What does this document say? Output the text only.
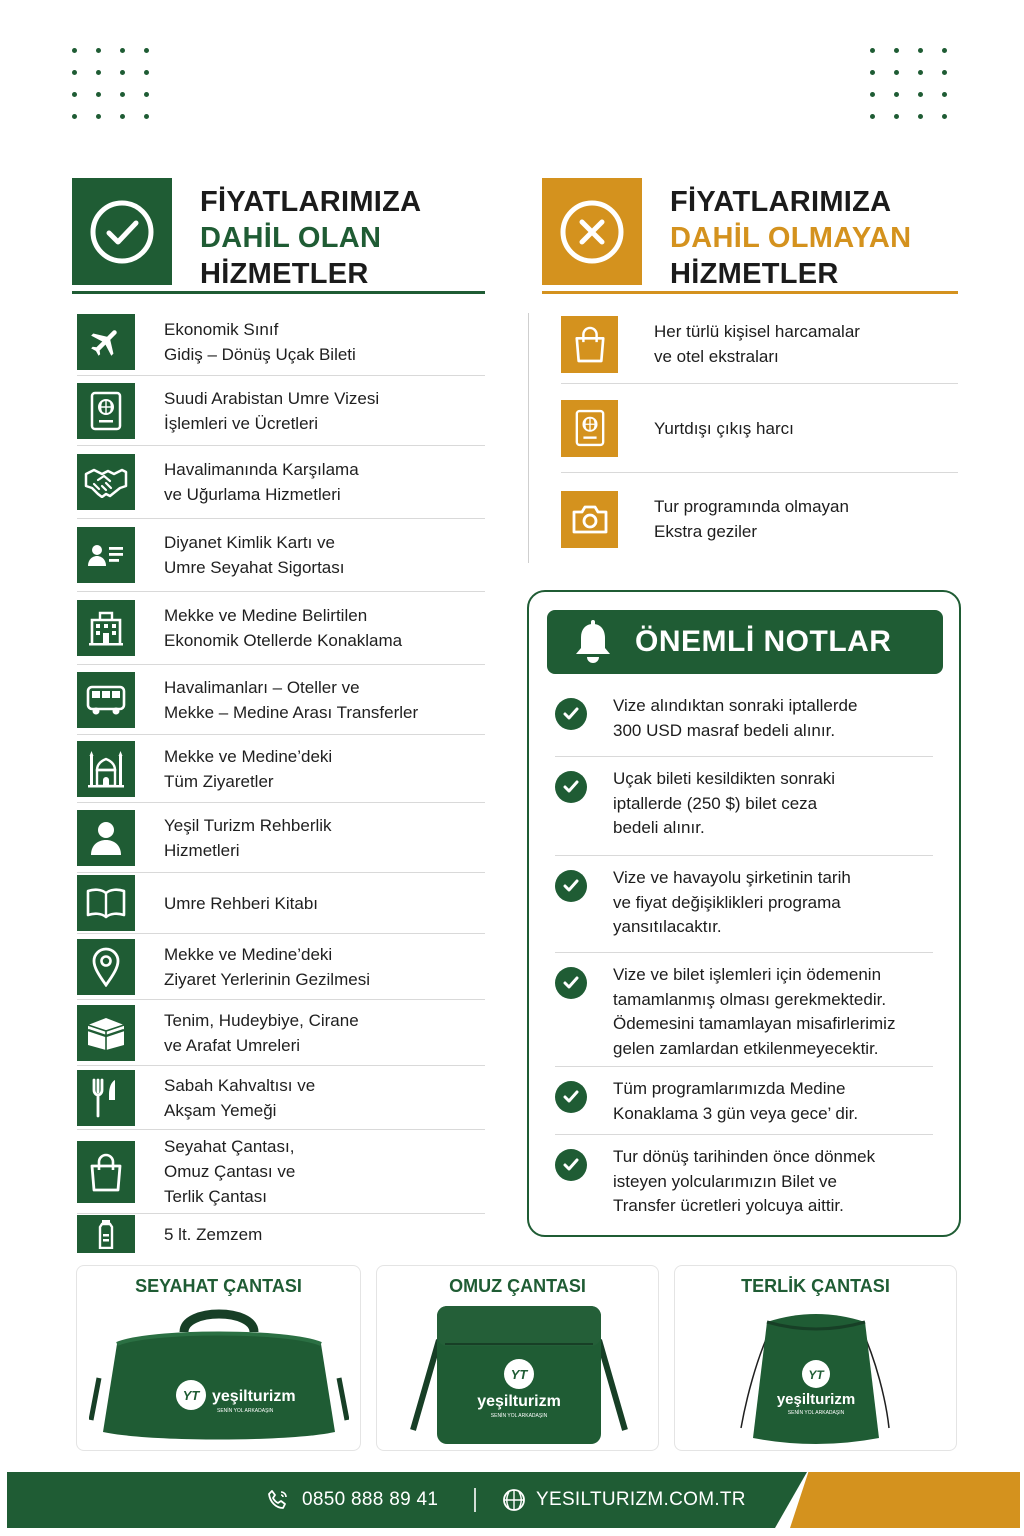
FİYATLARIMIZA
DAHİL OLAN
HİZMETLER
FİYATLARIMIZA
DAHİL OLMAYAN
HİZMETLER
Ekonomik Sınıf
Gidiş – Dönüş Uçak Bileti
Suudi Arabistan Umre Vizesi
İşlemleri ve Ücretleri
Havalimanında Karşılama
ve Uğurlama Hizmetleri
Diyanet Kimlik Kartı ve
Umre Seyahat Sigortası
Mekke ve Medine Belirtilen
Ekonomik Otellerde Konaklama
Havalimanları – Oteller ve
Mekke – Medine Arası Transferler
Mekke ve Medine’deki
Tüm Ziyaretler
Yeşil Turizm Rehberlik
Hizmetleri
Umre Rehberi Kitabı
Mekke ve Medine’deki
Ziyaret Yerlerinin Gezilmesi
Tenim, Hudeybiye, Cirane
ve Arafat Umreleri
Sabah Kahvaltısı ve
Akşam Yemeği
Seyahat Çantası,
Omuz Çantası ve
Terlik Çantası
5 lt. Zemzem
Her türlü kişisel harcamalar
ve otel ekstraları
Yurtdışı çıkış harcı
Tur programında olmayan
Ekstra geziler
ÖNEMLİ NOTLAR
Vize alındıktan sonraki iptallerde
300 USD masraf bedeli alınır.
Uçak bileti kesildikten sonraki
iptallerde (250 $) bilet ceza
bedeli alınır.
Vize ve havayolu şirketinin tarih
ve fiyat değişiklikleri programa
yansıtılacaktır.
Vize ve bilet işlemleri için ödemenin
tamamlanmış olması gerekmektedir.
Ödemesini tamamlayan misafirlerimiz
gelen zamlardan etkilenmeyecektir.
Tüm programlarımızda Medine
Konaklama 3 gün veya gece’ dir.
Tur dönüş tarihinden önce dönmek
isteyen yolcularımızın Bilet ve
Transfer ücretleri yolcuya aittir.
SEYAHAT ÇANTASI
YT yeşilturizm
SENİN YOL ARKADAŞIN
OMUZ ÇANTASI
YT
yeşilturizm
SENİN YOL ARKADAŞIN
TERLİK ÇANTASI
YT
yeşilturizm
SENİN YOL ARKADAŞIN
0850 888 89 41	YESILTURIZM.COM.TR
